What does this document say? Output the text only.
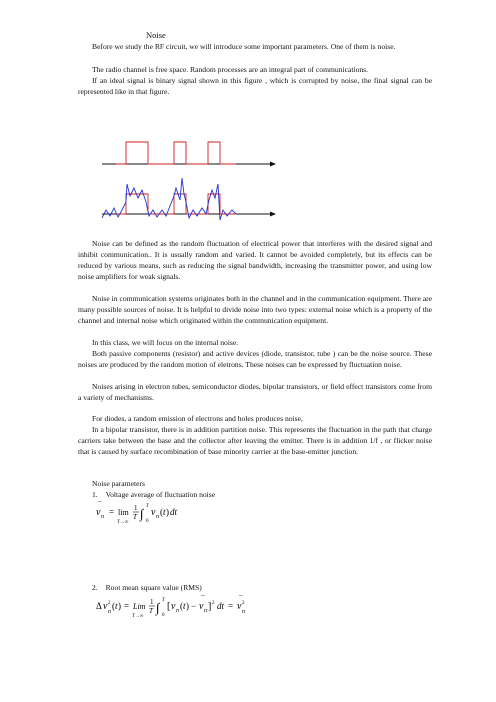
Noise

Before we study the RF circuit, we will introduce some important parameters. One of them is noise.

The radio channel is free space. Random processes are an integral part of communications.

If an ideal signal is binary signal shown in this figure , which is corrupted by noise, the final signal can be represented like in that figure.

Noise can be defined as the random fluctuation of electrical power that interferes with the desired signal and inhibit communication.. It is usually random and varied. It cannot be avoided completely, but its effects can be reduced by various means, such as reducing the signal bandwidth, increasing the transmitter power, and using low noise amplifiers for weak signals.

Noise in communication systems originates both in the channel and in the communication equipment. There are many possible sources of noise. It is helpful to divide noise into two types: external noise which is a property of the channel and internal noise which originated within the communication equipment.

In this class, we will focus on the internal noise.

Both passive components (resistor) and active devices (diode, transistor, tube ) can be the noise source. These noises are produced by the random motion of eletrons. These noises can be expressed by fluctuation noise.

Noises arising in electron tubes, semiconductor diodes, bipolar transistors, or field effect transistors come from a variety of mechanisms.

For diodes, a random emission of electrons and holes produces noise,

In a bipolar transistor, there is in addition partition noise. This represents the fluctuation in the path that charge carriers take between the base and the collector after leaving the emitter. There is in addition 1/f , or flicker noise that is caused by surface recombination of base minority carrier at the base-emitter junction.

Noise parameters
1. Voltage average of fluctuation noise
v n
¯
= lim
T→∞
1
T ∫ T
0
v n ( t ) dt
2. Root mean square value (RMS)
Δ v 2
n
( t ) = Lim
T→∞
1
T ∫ T
0
[ v n ( t ) − v
¯
n ] 2 dt = v
¯
2
n
